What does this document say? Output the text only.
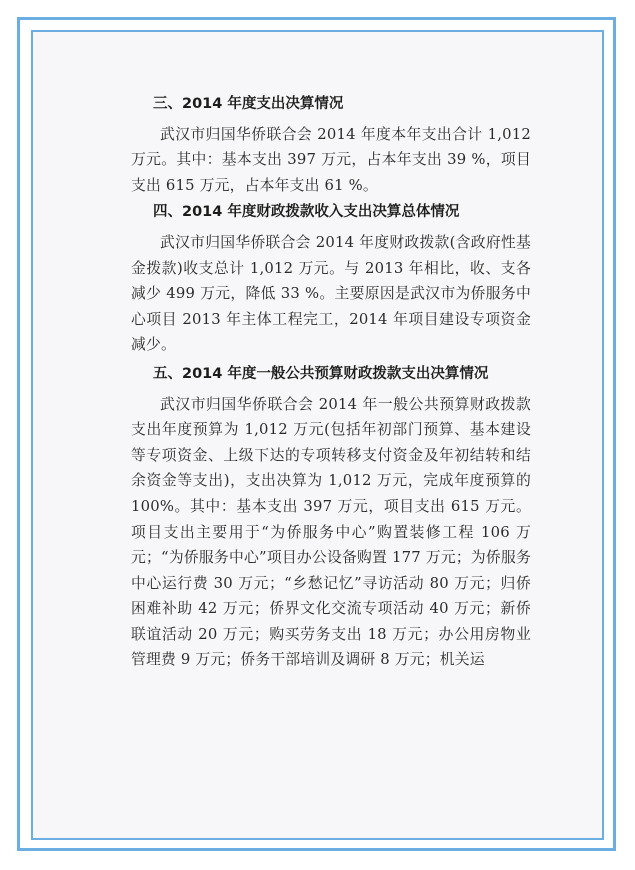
三、2014 年度支出决算情况

武汉市归国华侨联合会 2014 年度本年支出合计 1,012 万元。其中：基本支出 397 万元，占本年支出 39 %，项目支出 615 万元，占本年支出 61 %。

四、2014 年度财政拨款收入支出决算总体情况

武汉市归国华侨联合会 2014 年度财政拨款(含政府性基金拨款)收支总计 1,012 万元。与 2013 年相比，收、支各减少 499 万元，降低 33 %。主要原因是武汉市为侨服务中心项目 2013 年主体工程完工，2014 年项目建设专项资金减少。

五、2014 年度一般公共预算财政拨款支出决算情况

武汉市归国华侨联合会 2014 年一般公共预算财政拨款支出年度预算为 1,012 万元(包括年初部门预算、基本建设等专项资金、上级下达的专项转移支付资金及年初结转和结余资金等支出)，支出决算为 1,012 万元，完成年度预算的 100%。其中：基本支出 397 万元，项目支出 615 万元。项目支出主要用于“为侨服务中心”购置装修工程 106 万元；“为侨服务中心”项目办公设备购置 177 万元；为侨服务中心运行费 30 万元；“乡愁记忆”寻访活动 80 万元；归侨困难补助 42 万元；侨界文化交流专项活动 40 万元；新侨联谊活动 20 万元；购买劳务支出 18 万元；办公用房物业管理费 9 万元；侨务干部培训及调研 8 万元；机关运
